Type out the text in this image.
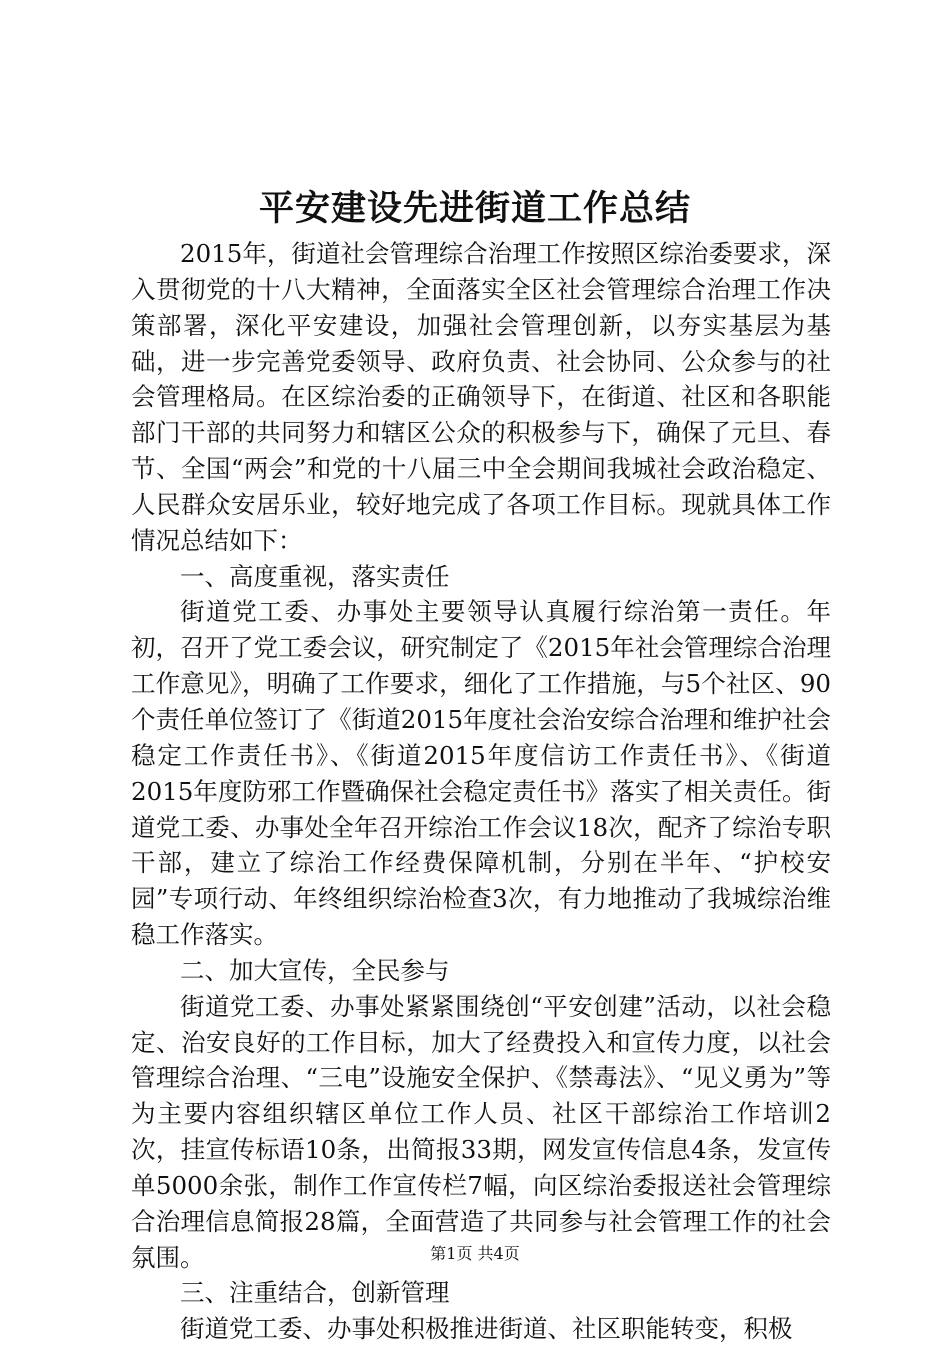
平安建设先进街道工作总结

2015年，街道社会管理综合治理工作按照区综治委要求，深入贯彻党的十八大精神，全面落实全区社会管理综合治理工作决策部署，深化平安建设，加强社会管理创新，以夯实基层为基础，进一步完善党委领导、政府负责、社会协同、公众参与的社会管理格局。在区综治委的正确领导下，在街道、社区和各职能部门干部的共同努力和辖区公众的积极参与下，确保了元旦、春节、全国“两会”和党的十八届三中全会期间我城社会政治稳定、人民群众安居乐业，较好地完成了各项工作目标。现就具体工作情况总结如下：

一、高度重视，落实责任

街道党工委、办事处主要领导认真履行综治第一责任。年初，召开了党工委会议，研究制定了《2015年社会管理综合治理工作意见》，明确了工作要求，细化了工作措施，与5个社区、90个责任单位签订了《街道2015年度社会治安综合治理和维护社会稳定工作责任书》、《街道2015年度信访工作责任书》、《街道2015年度防邪工作暨确保社会稳定责任书》落实了相关责任。街道党工委、办事处全年召开综治工作会议18次，配齐了综治专职干部，建立了综治工作经费保障机制，分别在半年、“护校安园”专项行动、年终组织综治检查3次，有力地推动了我城综治维稳工作落实。

二、加大宣传，全民参与

街道党工委、办事处紧紧围绕创“平安创建”活动，以社会稳定、治安良好的工作目标，加大了经费投入和宣传力度，以社会管理综合治理、“三电”设施安全保护、《禁毒法》、“见义勇为”等为主要内容组织辖区单位工作人员、社区干部综治工作培训2次，挂宣传标语10条，出简报33期，网发宣传信息4条，发宣传单5000余张，制作工作宣传栏7幅，向区综治委报送社会管理综合治理信息简报28篇，全面营造了共同参与社会管理工作的社会氛围。

三、注重结合，创新管理

街道党工委、办事处积极推进街道、社区职能转变，积极

第1页 共4页
